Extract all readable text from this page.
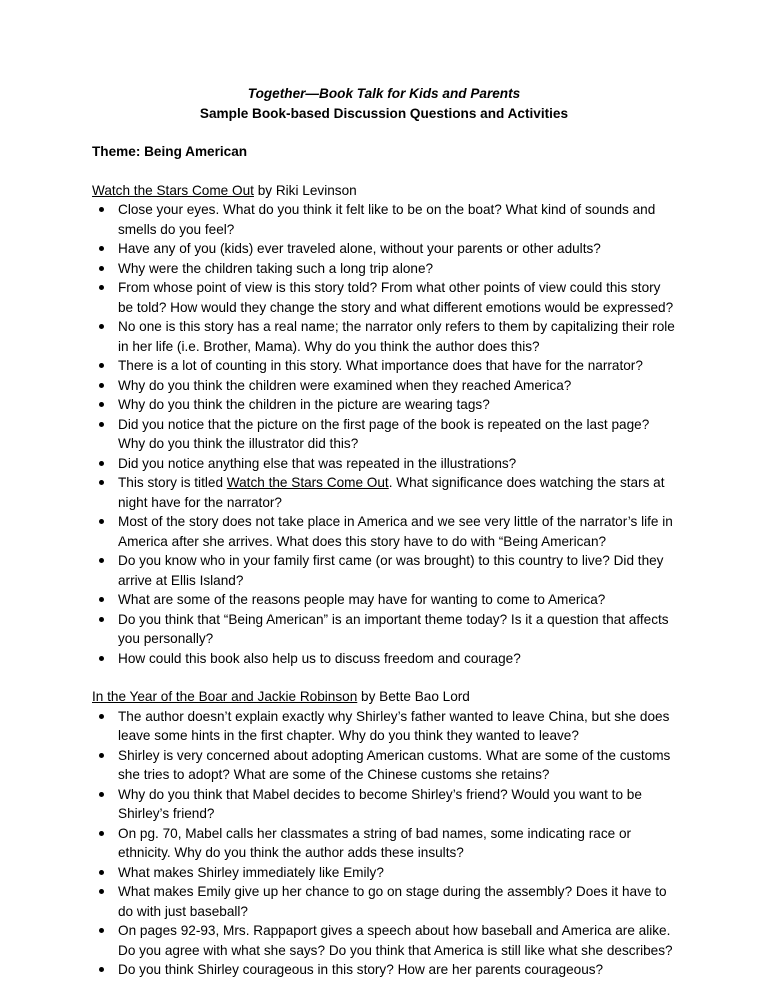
Together—Book Talk for Kids and Parents
Sample Book-based Discussion Questions and Activities
Theme: Being American
Watch the Stars Come Out by Riki Levinson
Close your eyes. What do you think it felt like to be on the boat? What kind of sounds and smells do you feel?
Have any of you (kids) ever traveled alone, without your parents or other adults?
Why were the children taking such a long trip alone?
From whose point of view is this story told? From what other points of view could this story be told? How would they change the story and what different emotions would be expressed?
No one is this story has a real name; the narrator only refers to them by capitalizing their role in her life (i.e. Brother, Mama). Why do you think the author does this?
There is a lot of counting in this story. What importance does that have for the narrator?
Why do you think the children were examined when they reached America?
Why do you think the children in the picture are wearing tags?
Did you notice that the picture on the first page of the book is repeated on the last page? Why do you think the illustrator did this?
Did you notice anything else that was repeated in the illustrations?
This story is titled Watch the Stars Come Out. What significance does watching the stars at night have for the narrator?
Most of the story does not take place in America and we see very little of the narrator’s life in America after she arrives. What does this story have to do with “Being American?
Do you know who in your family first came (or was brought) to this country to live? Did they arrive at Ellis Island?
What are some of the reasons people may have for wanting to come to America?
Do you think that “Being American” is an important theme today? Is it a question that affects you personally?
How could this book also help us to discuss freedom and courage?
In the Year of the Boar and Jackie Robinson by Bette Bao Lord
The author doesn’t explain exactly why Shirley’s father wanted to leave China, but she does leave some hints in the first chapter. Why do you think they wanted to leave?
Shirley is very concerned about adopting American customs. What are some of the customs she tries to adopt? What are some of the Chinese customs she retains?
Why do you think that Mabel decides to become Shirley’s friend? Would you want to be Shirley’s friend?
On pg. 70, Mabel calls her classmates a string of bad names, some indicating race or ethnicity. Why do you think the author adds these insults?
What makes Shirley immediately like Emily?
What makes Emily give up her chance to go on stage during the assembly? Does it have to do with just baseball?
On pages 92-93, Mrs. Rappaport gives a speech about how baseball and America are alike. Do you agree with what she says? Do you think that America is still like what she describes?
Do you think Shirley courageous in this story? How are her parents courageous?
